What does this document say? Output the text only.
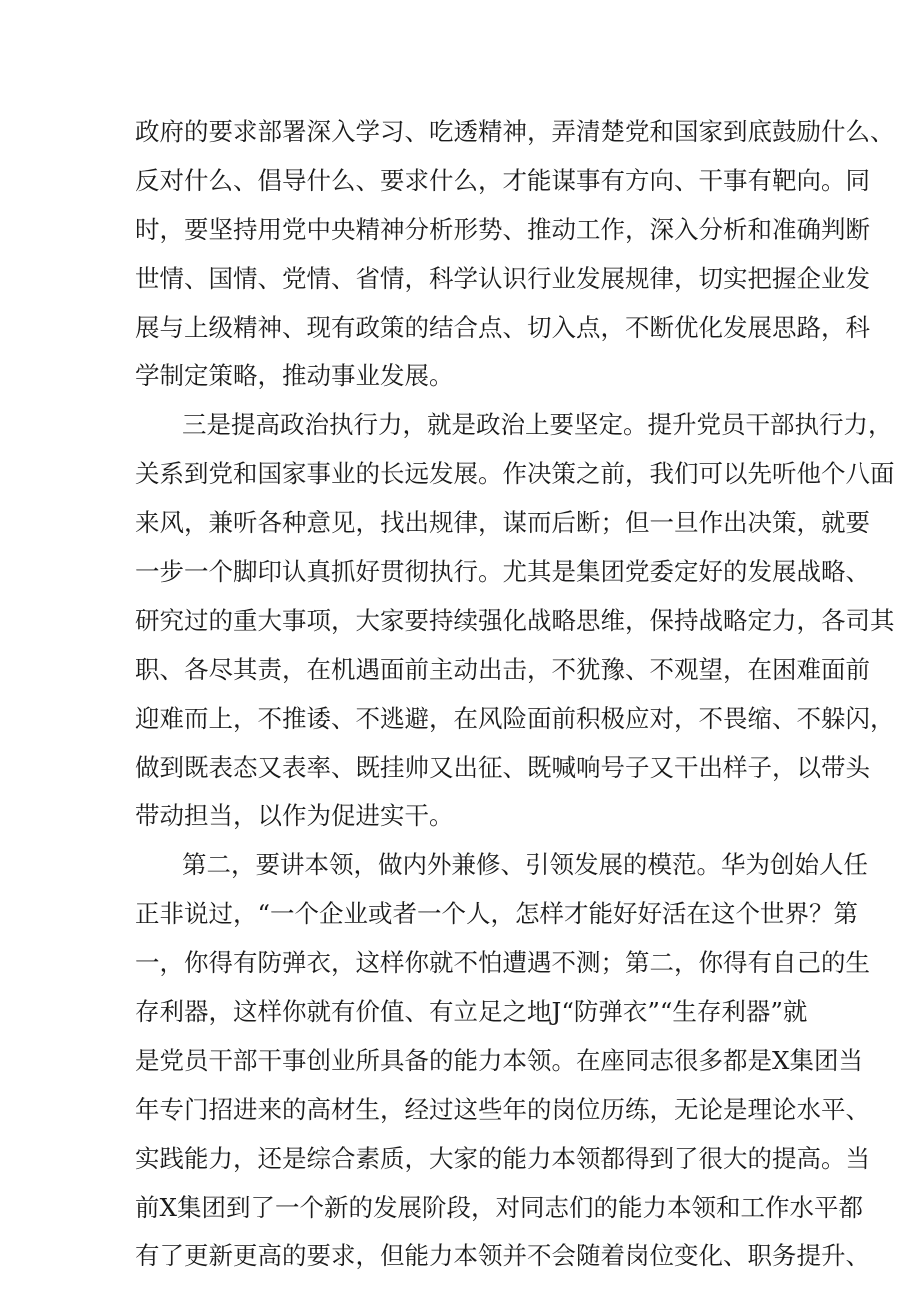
政府的要求部署深入学习、吃透精神，弄清楚党和国家到底鼓励什么、
反对什么、倡导什么、要求什么，才能谋事有方向、干事有靶向。同
时，要坚持用党中央精神分析形势、推动工作，深入分析和准确判断
世情、国情、党情、省情，科学认识行业发展规律，切实把握企业发
展与上级精神、现有政策的结合点、切入点，不断优化发展思路，科
学制定策略，推动事业发展。
三是提高政治执行力，就是政治上要坚定。提升党员干部执行力，
关系到党和国家事业的长远发展。作决策之前，我们可以先听他个八面
来风，兼听各种意见，找出规律，谋而后断；但一旦作出决策，就要
一步一个脚印认真抓好贯彻执行。尤其是集团党委定好的发展战略、
研究过的重大事项，大家要持续强化战略思维，保持战略定力，各司其
职、各尽其责，在机遇面前主动出击，不犹豫、不观望，在困难面前
迎难而上，不推诿、不逃避，在风险面前积极应对，不畏缩、不躲闪，
做到既表态又表率、既挂帅又出征、既喊响号子又干出样子，以带头
带动担当，以作为促进实干。
第二，要讲本领，做内外兼修、引领发展的模范。华为创始人任
正非说过，“一个企业或者一个人，怎样才能好好活在这个世界？第
一，你得有防弹衣，这样你就不怕遭遇不测；第二，你得有自己的生
存利器，这样你就有价值、有立足之地J“防弹衣”“生存利器”就
是党员干部干事创业所具备的能力本领。在座同志很多都是X集团当
年专门招进来的高材生，经过这些年的岗位历练，无论是理论水平、
实践能力，还是综合素质，大家的能力本领都得到了很大的提高。当
前X集团到了一个新的发展阶段，对同志们的能力本领和工作水平都
有了更新更高的要求，但能力本领并不会随着岗位变化、职务提升、
